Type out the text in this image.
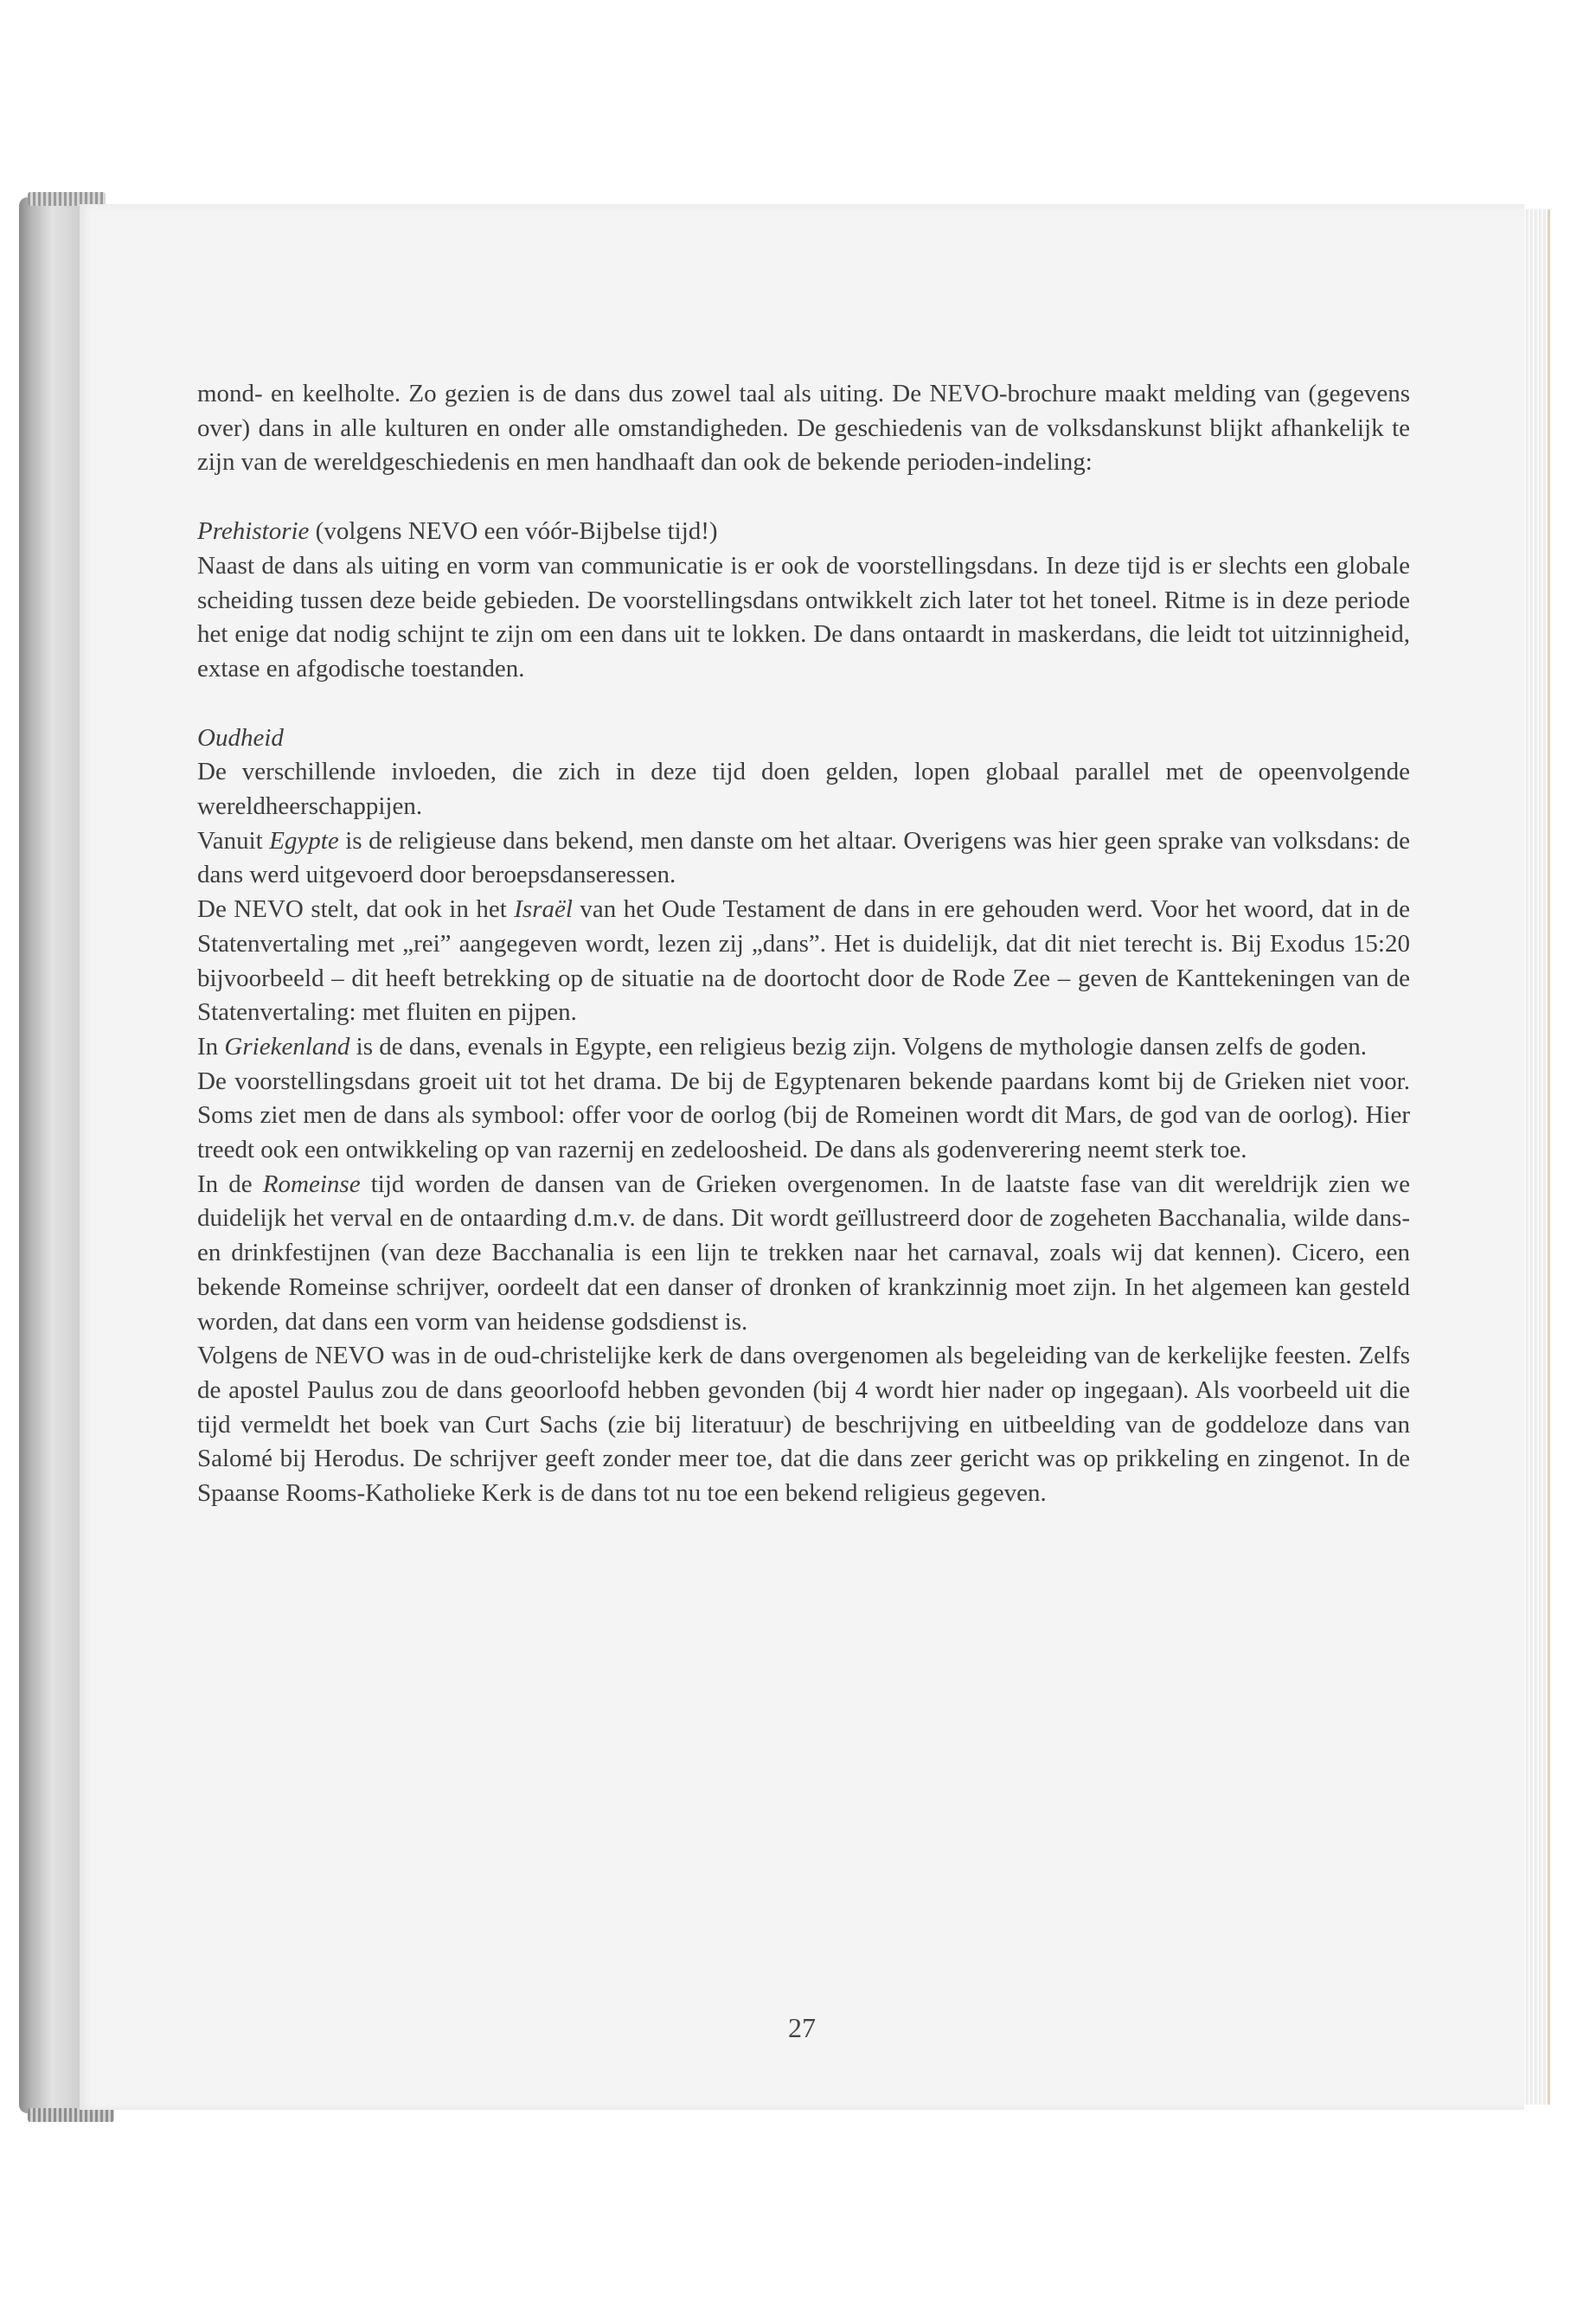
mond- en keelholte. Zo gezien is de dans dus zowel taal als uiting. De NEVO-brochure maakt melding van (gegevens over) dans in alle kulturen en onder alle omstandigheden. De geschiedenis van de volksdanskunst blijkt afhankelijk te zijn van de wereldgeschiedenis en men handhaaft dan ook de bekende perioden-indeling:

Prehistorie (volgens NEVO een vóór-Bijbelse tijd!)

Naast de dans als uiting en vorm van communicatie is er ook de voorstellingsdans. In deze tijd is er slechts een globale scheiding tussen deze beide gebieden. De voorstellingsdans ontwikkelt zich later tot het toneel. Ritme is in deze periode het enige dat nodig schijnt te zijn om een dans uit te lokken. De dans ontaardt in maskerdans, die leidt tot uitzinnigheid, extase en afgodische toestanden.

Oudheid

De verschillende invloeden, die zich in deze tijd doen gelden, lopen globaal parallel met de opeenvolgende wereldheerschappijen.

Vanuit Egypte is de religieuse dans bekend, men danste om het altaar. Overigens was hier geen sprake van volksdans: de dans werd uitgevoerd door beroepsdanseressen.

De NEVO stelt, dat ook in het Israël van het Oude Testament de dans in ere gehouden werd. Voor het woord, dat in de Statenvertaling met „rei” aangegeven wordt, lezen zij „dans”. Het is duidelijk, dat dit niet terecht is. Bij Exodus 15:20 bijvoorbeeld – dit heeft betrekking op de situatie na de doortocht door de Rode Zee – geven de Kanttekeningen van de Statenvertaling: met fluiten en pijpen.

In Griekenland is de dans, evenals in Egypte, een religieus bezig zijn. Volgens de mythologie dansen zelfs de goden.

De voorstellingsdans groeit uit tot het drama. De bij de Egyptenaren bekende paardans komt bij de Grieken niet voor. Soms ziet men de dans als symbool: offer voor de oorlog (bij de Romeinen wordt dit Mars, de god van de oorlog). Hier treedt ook een ontwikkeling op van razernij en zedeloosheid. De dans als godenverering neemt sterk toe.

In de Romeinse tijd worden de dansen van de Grieken overgenomen. In de laatste fase van dit wereldrijk zien we duidelijk het verval en de ontaarding d.m.v. de dans. Dit wordt geïllustreerd door de zogeheten Bacchanalia, wilde dans- en drinkfestijnen (van deze Bacchanalia is een lijn te trekken naar het carnaval, zoals wij dat kennen). Cicero, een bekende Romeinse schrijver, oordeelt dat een danser of dronken of krankzinnig moet zijn. In het algemeen kan gesteld worden, dat dans een vorm van heidense godsdienst is.

Volgens de NEVO was in de oud-christelijke kerk de dans overgenomen als begeleiding van de kerkelijke feesten. Zelfs de apostel Paulus zou de dans geoorloofd hebben gevonden (bij 4 wordt hier nader op ingegaan). Als voorbeeld uit die tijd vermeldt het boek van Curt Sachs (zie bij literatuur) de beschrijving en uitbeelding van de goddeloze dans van Salomé bij Herodus. De schrijver geeft zonder meer toe, dat die dans zeer gericht was op prikkeling en zingenot. In de Spaanse Rooms-Katholieke Kerk is de dans tot nu toe een bekend religieus gegeven.

27
